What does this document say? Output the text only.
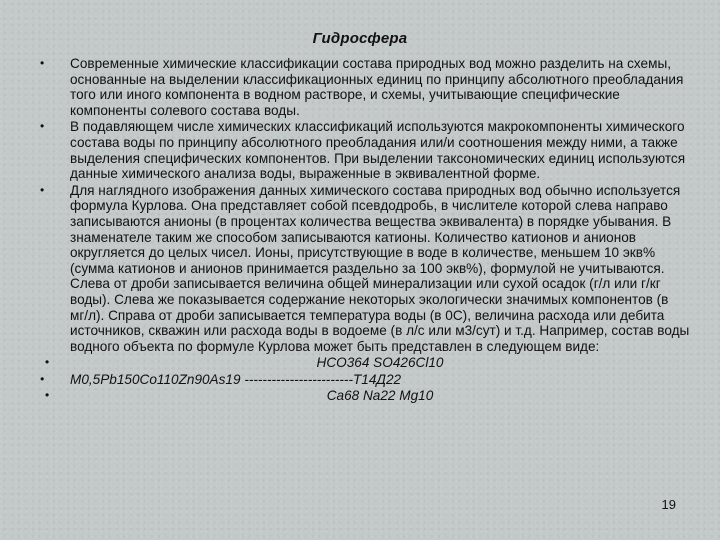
Гидросфера
•	Современные химические классификации состава природных вод можно разделить на схемы, основанные на выделении классификационных единиц по принципу абсолютного преобладания того или иного компонента в водном растворе, и схемы, учитывающие специфические компоненты солевого состава воды.
•	В подавляющем числе химических классификаций используются макрокомпоненты химического состава воды по принципу абсолютного преобладания или/и соотношения между ними, а также выделения специфических компонентов. При выделении таксономических единиц используются данные химического анализа воды, выраженные в эквивалентной форме.
•	Для наглядного изображения данных химического состава природных вод обычно используется формула Курлова. Она представляет собой псевдодробь, в числителе которой слева направо записываются анионы (в процентах количества вещества эквивалента) в порядке убывания. В знаменателе таким же способом записываются катионы. Количество катионов и анионов округляется до целых чисел. Ионы, присутствующие в воде в количестве, меньшем 10 экв% (сумма катионов и анионов принимается раздельно за 100 экв%), формулой не учитываются. Слева от дроби записывается величина общей минерализации или сухой осадок (г/л или г/кг воды). Слева же показывается содержание некоторых экологически значимых компонентов (в мг/л). Справа от дроби записывается температура воды (в 0С), величина расхода или дебита источников, скважин или расхода воды в водоеме (в л/с или м3/сут) и т.д. Например, состав воды водного объекта по формуле Курлова может быть представлен в следующем виде:
•	HCO364 SO426Cl10
•	M0,5Pb150Co110Zn90As19 ------------------------T14Д22
•	Ca68 Na22 Mg10
19
